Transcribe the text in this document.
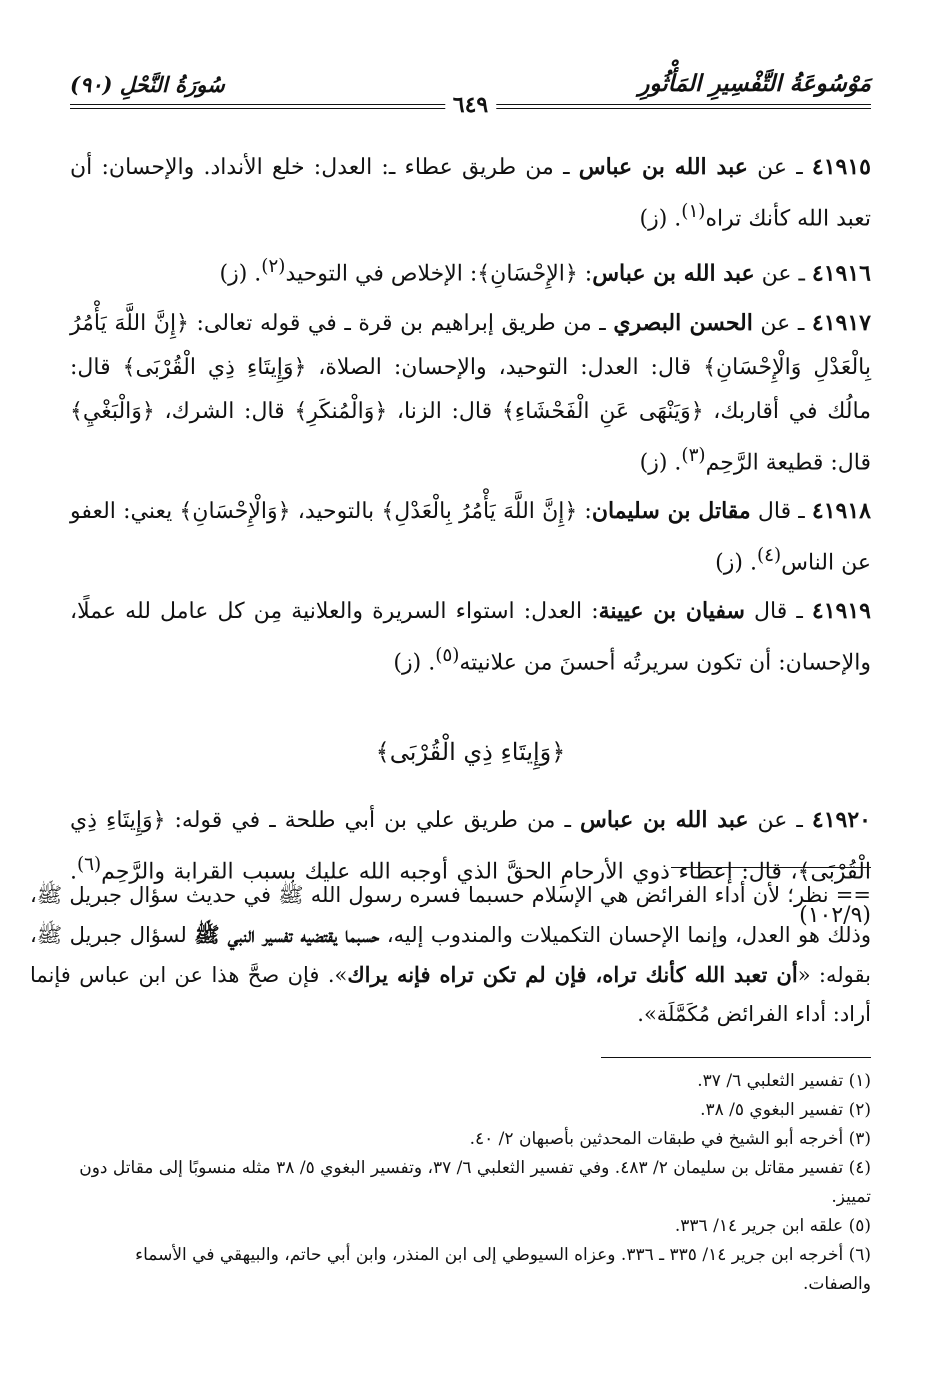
مَوْسُوعَةُ التَّفْسِيرِ المَأْثُورِ
سُورَةُ النَّحْلِ (٩٠)
٦٤٩

٤١٩١٥ ـ عن عبد الله بن عباس ـ من طريق عطاء ـ: العدل: خلع الأنداد. والإحسان: أن تعبد الله كأنك تراه$^{(١)}$. (ز)

٤١٩١٦ ـ عن عبد الله بن عباس: ﴿الإِحْسَانِ﴾: الإخلاص في التوحيد$^{(٢)}$. (ز)

٤١٩١٧ ـ عن الحسن البصري ـ من طريق إبراهيم بن قرة ـ في قوله تعالى: ﴿إِنَّ اللَّهَ يَأْمُرُ بِالْعَدْلِ وَالْإِحْسَانِ﴾ قال: العدل: التوحيد، والإحسان: الصلاة، ﴿وَإِيتَاءِ ذِي الْقُرْبَى﴾ قال: مالُك في أقاربك، ﴿وَيَنْهَى عَنِ الْفَحْشَاءِ﴾ قال: الزنا، ﴿وَالْمُنكَرِ﴾ قال: الشرك، ﴿وَالْبَغْيِ﴾ قال: قطيعة الرَّحِم$^{(٣)}$. (ز)

٤١٩١٨ ـ قال مقاتل بن سليمان: ﴿إِنَّ اللَّهَ يَأْمُرُ بِالْعَدْلِ﴾ بالتوحيد، ﴿وَالْإِحْسَانِ﴾ يعني: العفو عن الناس$^{(٤)}$. (ز)

٤١٩١٩ ـ قال سفيان بن عيينة: العدل: استواء السريرة والعلانية مِن كل عامل لله عملًا، والإحسان: أن تكون سريرتُه أحسنَ من علانيته$^{(٥)}$. (ز)

﴿وَإِيتَاءِ ذِي الْقُرْبَى﴾

٤١٩٢٠ ـ عن عبد الله بن عباس ـ من طريق علي بن أبي طلحة ـ في قوله: ﴿وَإِيتَاءِ ذِي الْقُرْبَى﴾، قال: إعطاء ذوي الأرحامِ الحقَّ الذي أوجبه الله عليك بسبب القرابة والرَّحِم$^{(٦)}$. (١٠٢/٩)

== نظر؛ لأن أداء الفرائض هي الإسلام حسبما فسره رسول الله ﷺ في حديث سؤال جبريل ﷺ، وذلك هو العدل، وإنما الإحسان التكميلات والمندوب إليه، حسبما يقتضيه تفسير النبي ﷺ لسؤال جبريل ﷺ، بقوله: «أن تعبد الله كأنك تراه، فإن لم تكن تراه فإنه يراك». فإن صحَّ هذا عن ابن عباس فإنما أراد: أداء الفرائض مُكَمَّلَة».
(١) تفسير الثعلبي ٦/ ٣٧.
(٢) تفسير البغوي ٥/ ٣٨.
(٣) أخرجه أبو الشيخ في طبقات المحدثين بأصبهان ٢/ ٤٠.
(٤) تفسير مقاتل بن سليمان ٢/ ٤٨٣. وفي تفسير الثعلبي ٦/ ٣٧، وتفسير البغوي ٥/ ٣٨ مثله منسوبًا إلى مقاتل دون تمييز.
(٥) علقه ابن جرير ١٤/ ٣٣٦.
(٦) أخرجه ابن جرير ١٤/ ٣٣٥ ـ ٣٣٦. وعزاه السيوطي إلى ابن المنذر، وابن أبي حاتم، والبيهقي في الأسماء والصفات.
